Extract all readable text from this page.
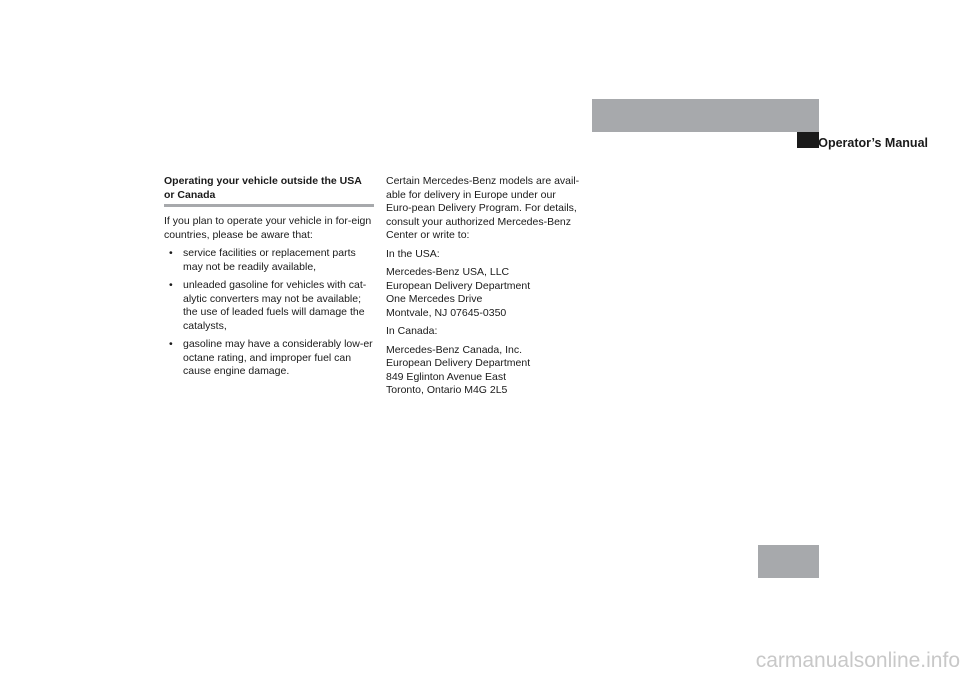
Introduction
Operator’s Manual
Operating your vehicle outside the USA or Canada

If you plan to operate your vehicle in for-eign countries, please be aware that:

• service facilities or replacement parts may not be readily available,
• unleaded gasoline for vehicles with cat-alytic converters may not be available; the use of leaded fuels will damage the catalysts,
• gasoline may have a considerably low-er octane rating, and improper fuel can cause engine damage.

Certain Mercedes-Benz models are avail-able for delivery in Europe under our Euro-pean Delivery Program. For details, consult your authorized Mercedes-Benz Center or write to:

In the USA:

Mercedes-Benz USA, LLC
European Delivery Department
One Mercedes Drive
Montvale, NJ 07645-0350

In Canada:

Mercedes-Benz Canada, Inc.
European Delivery Department
849 Eglinton Avenue East
Toronto, Ontario M4G 2L5
13
carmanualsonline.info
